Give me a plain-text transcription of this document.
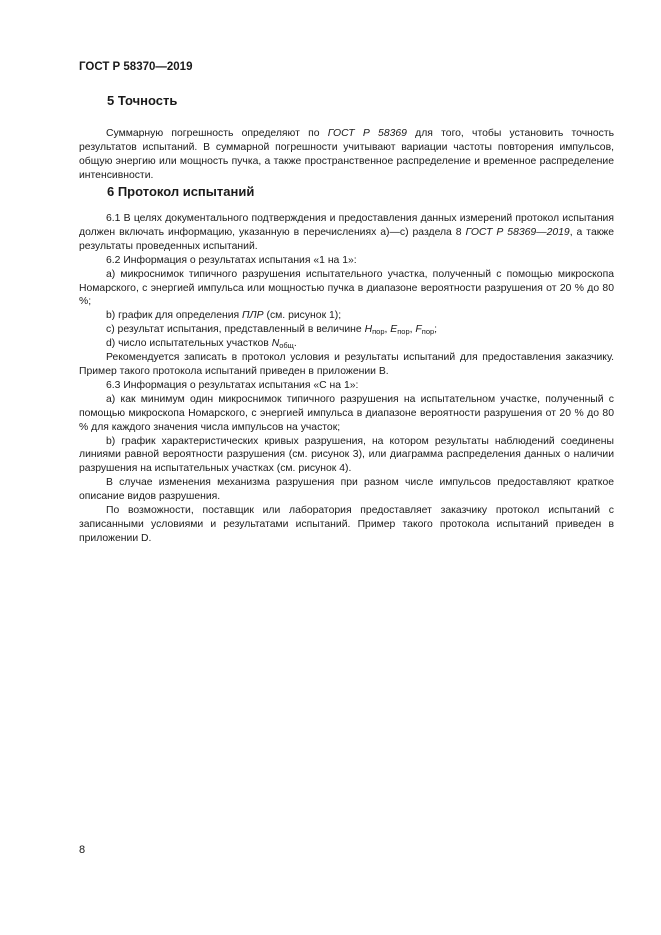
ГОСТ Р 58370—2019
5 Точность

Суммарную погрешность определяют по ГОСТ Р 58369 для того, чтобы установить точность результатов испытаний. В суммарной погрешности учитывают вариации частоты повторения импульсов, общую энергию или мощность пучка, а также пространственное распределение и временное распределение интенсивности.

6 Протокол испытаний

6.1 В целях документального подтверждения и предоставления данных измерений протокол испытания должен включать информацию, указанную в перечислениях а)—с) раздела 8 ГОСТ Р 58369—2019, а также результаты проведенных испытаний.

6.2 Информация о результатах испытания «1 на 1»:

а) микроснимок типичного разрушения испытательного участка, полученный с помощью микроскопа Номарского, с энергией импульса или мощностью пучка в диапазоне вероятности разрушения от 20 % до 80 %;

b) график для определения ПЛР (см. рисунок 1);

с) результат испытания, представленный в величине $H_{пор}$, $E_{пор}$, $F_{пор}$;

d) число испытательных участков $N_{общ}$.

Рекомендуется записать в протокол условия и результаты испытаний для предоставления заказчику. Пример такого протокола испытаний приведен в приложении В.

6.3 Информация о результатах испытания «С на 1»:

а) как минимум один микроснимок типичного разрушения на испытательном участке, полученный с помощью микроскопа Номарского, с энергией импульса в диапазоне вероятности разрушения от 20 % до 80 % для каждого значения числа импульсов на участок;

b) график характеристических кривых разрушения, на котором результаты наблюдений соединены линиями равной вероятности разрушения (см. рисунок 3), или диаграмма распределения данных о наличии разрушения на испытательных участках (см. рисунок 4).

В случае изменения механизма разрушения при разном числе импульсов предоставляют краткое описание видов разрушения.

По возможности, поставщик или лаборатория предоставляет заказчику протокол испытаний с записанными условиями и результатами испытаний. Пример такого протокола испытаний приведен в приложении D.

8
